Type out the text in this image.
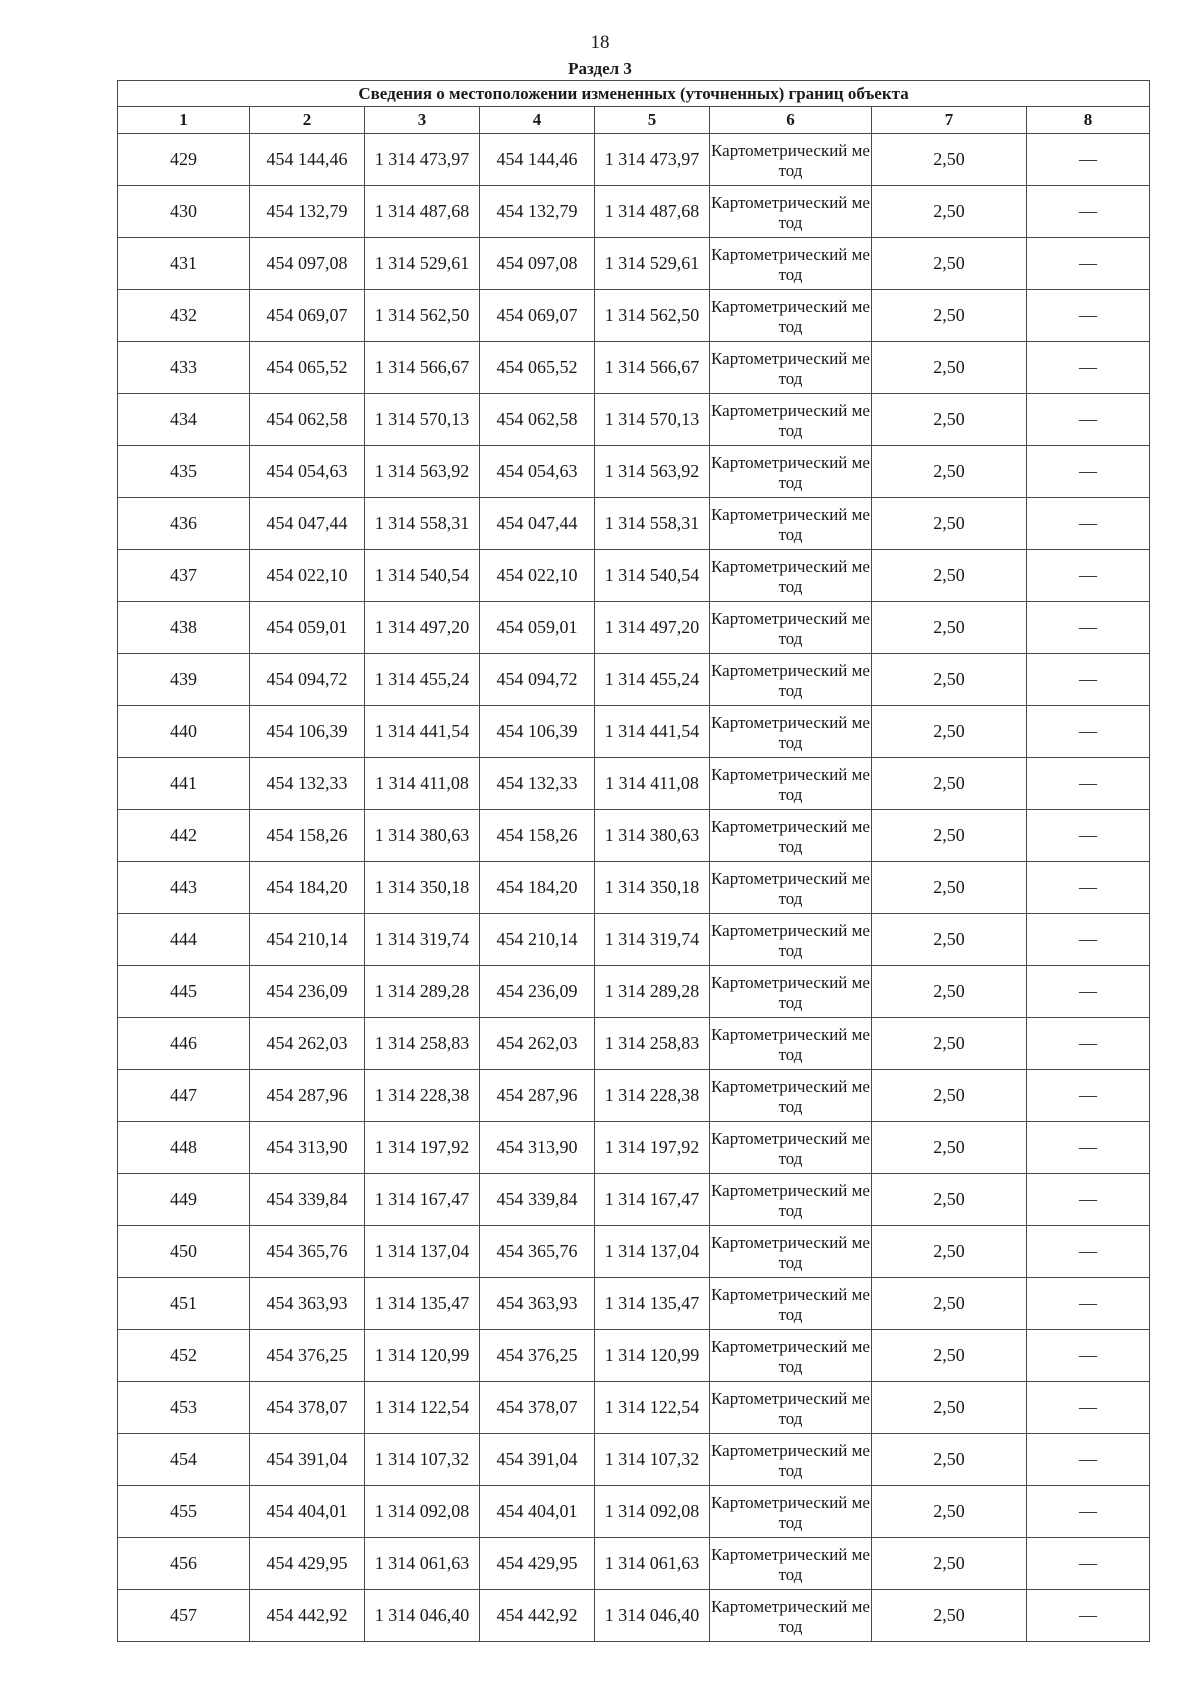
18
Раздел 3
Сведения о местоположении измененных (уточненных) границ объекта							
1	2	3	4	5	6	7	8
429	454 144,46	1 314 473,97	454 144,46	1 314 473,97	Картометрический метод	2,50	—
430	454 132,79	1 314 487,68	454 132,79	1 314 487,68	Картометрический метод	2,50	—
431	454 097,08	1 314 529,61	454 097,08	1 314 529,61	Картометрический метод	2,50	—
432	454 069,07	1 314 562,50	454 069,07	1 314 562,50	Картометрический метод	2,50	—
433	454 065,52	1 314 566,67	454 065,52	1 314 566,67	Картометрический метод	2,50	—
434	454 062,58	1 314 570,13	454 062,58	1 314 570,13	Картометрический метод	2,50	—
435	454 054,63	1 314 563,92	454 054,63	1 314 563,92	Картометрический метод	2,50	—
436	454 047,44	1 314 558,31	454 047,44	1 314 558,31	Картометрический метод	2,50	—
437	454 022,10	1 314 540,54	454 022,10	1 314 540,54	Картометрический метод	2,50	—
438	454 059,01	1 314 497,20	454 059,01	1 314 497,20	Картометрический метод	2,50	—
439	454 094,72	1 314 455,24	454 094,72	1 314 455,24	Картометрический метод	2,50	—
440	454 106,39	1 314 441,54	454 106,39	1 314 441,54	Картометрический метод	2,50	—
441	454 132,33	1 314 411,08	454 132,33	1 314 411,08	Картометрический метод	2,50	—
442	454 158,26	1 314 380,63	454 158,26	1 314 380,63	Картометрический метод	2,50	—
443	454 184,20	1 314 350,18	454 184,20	1 314 350,18	Картометрический метод	2,50	—
444	454 210,14	1 314 319,74	454 210,14	1 314 319,74	Картометрический метод	2,50	—
445	454 236,09	1 314 289,28	454 236,09	1 314 289,28	Картометрический метод	2,50	—
446	454 262,03	1 314 258,83	454 262,03	1 314 258,83	Картометрический метод	2,50	—
447	454 287,96	1 314 228,38	454 287,96	1 314 228,38	Картометрический метод	2,50	—
448	454 313,90	1 314 197,92	454 313,90	1 314 197,92	Картометрический метод	2,50	—
449	454 339,84	1 314 167,47	454 339,84	1 314 167,47	Картометрический метод	2,50	—
450	454 365,76	1 314 137,04	454 365,76	1 314 137,04	Картометрический метод	2,50	—
451	454 363,93	1 314 135,47	454 363,93	1 314 135,47	Картометрический метод	2,50	—
452	454 376,25	1 314 120,99	454 376,25	1 314 120,99	Картометрический метод	2,50	—
453	454 378,07	1 314 122,54	454 378,07	1 314 122,54	Картометрический метод	2,50	—
454	454 391,04	1 314 107,32	454 391,04	1 314 107,32	Картометрический метод	2,50	—
455	454 404,01	1 314 092,08	454 404,01	1 314 092,08	Картометрический метод	2,50	—
456	454 429,95	1 314 061,63	454 429,95	1 314 061,63	Картометрический метод	2,50	—
457	454 442,92	1 314 046,40	454 442,92	1 314 046,40	Картометрический метод	2,50	—
